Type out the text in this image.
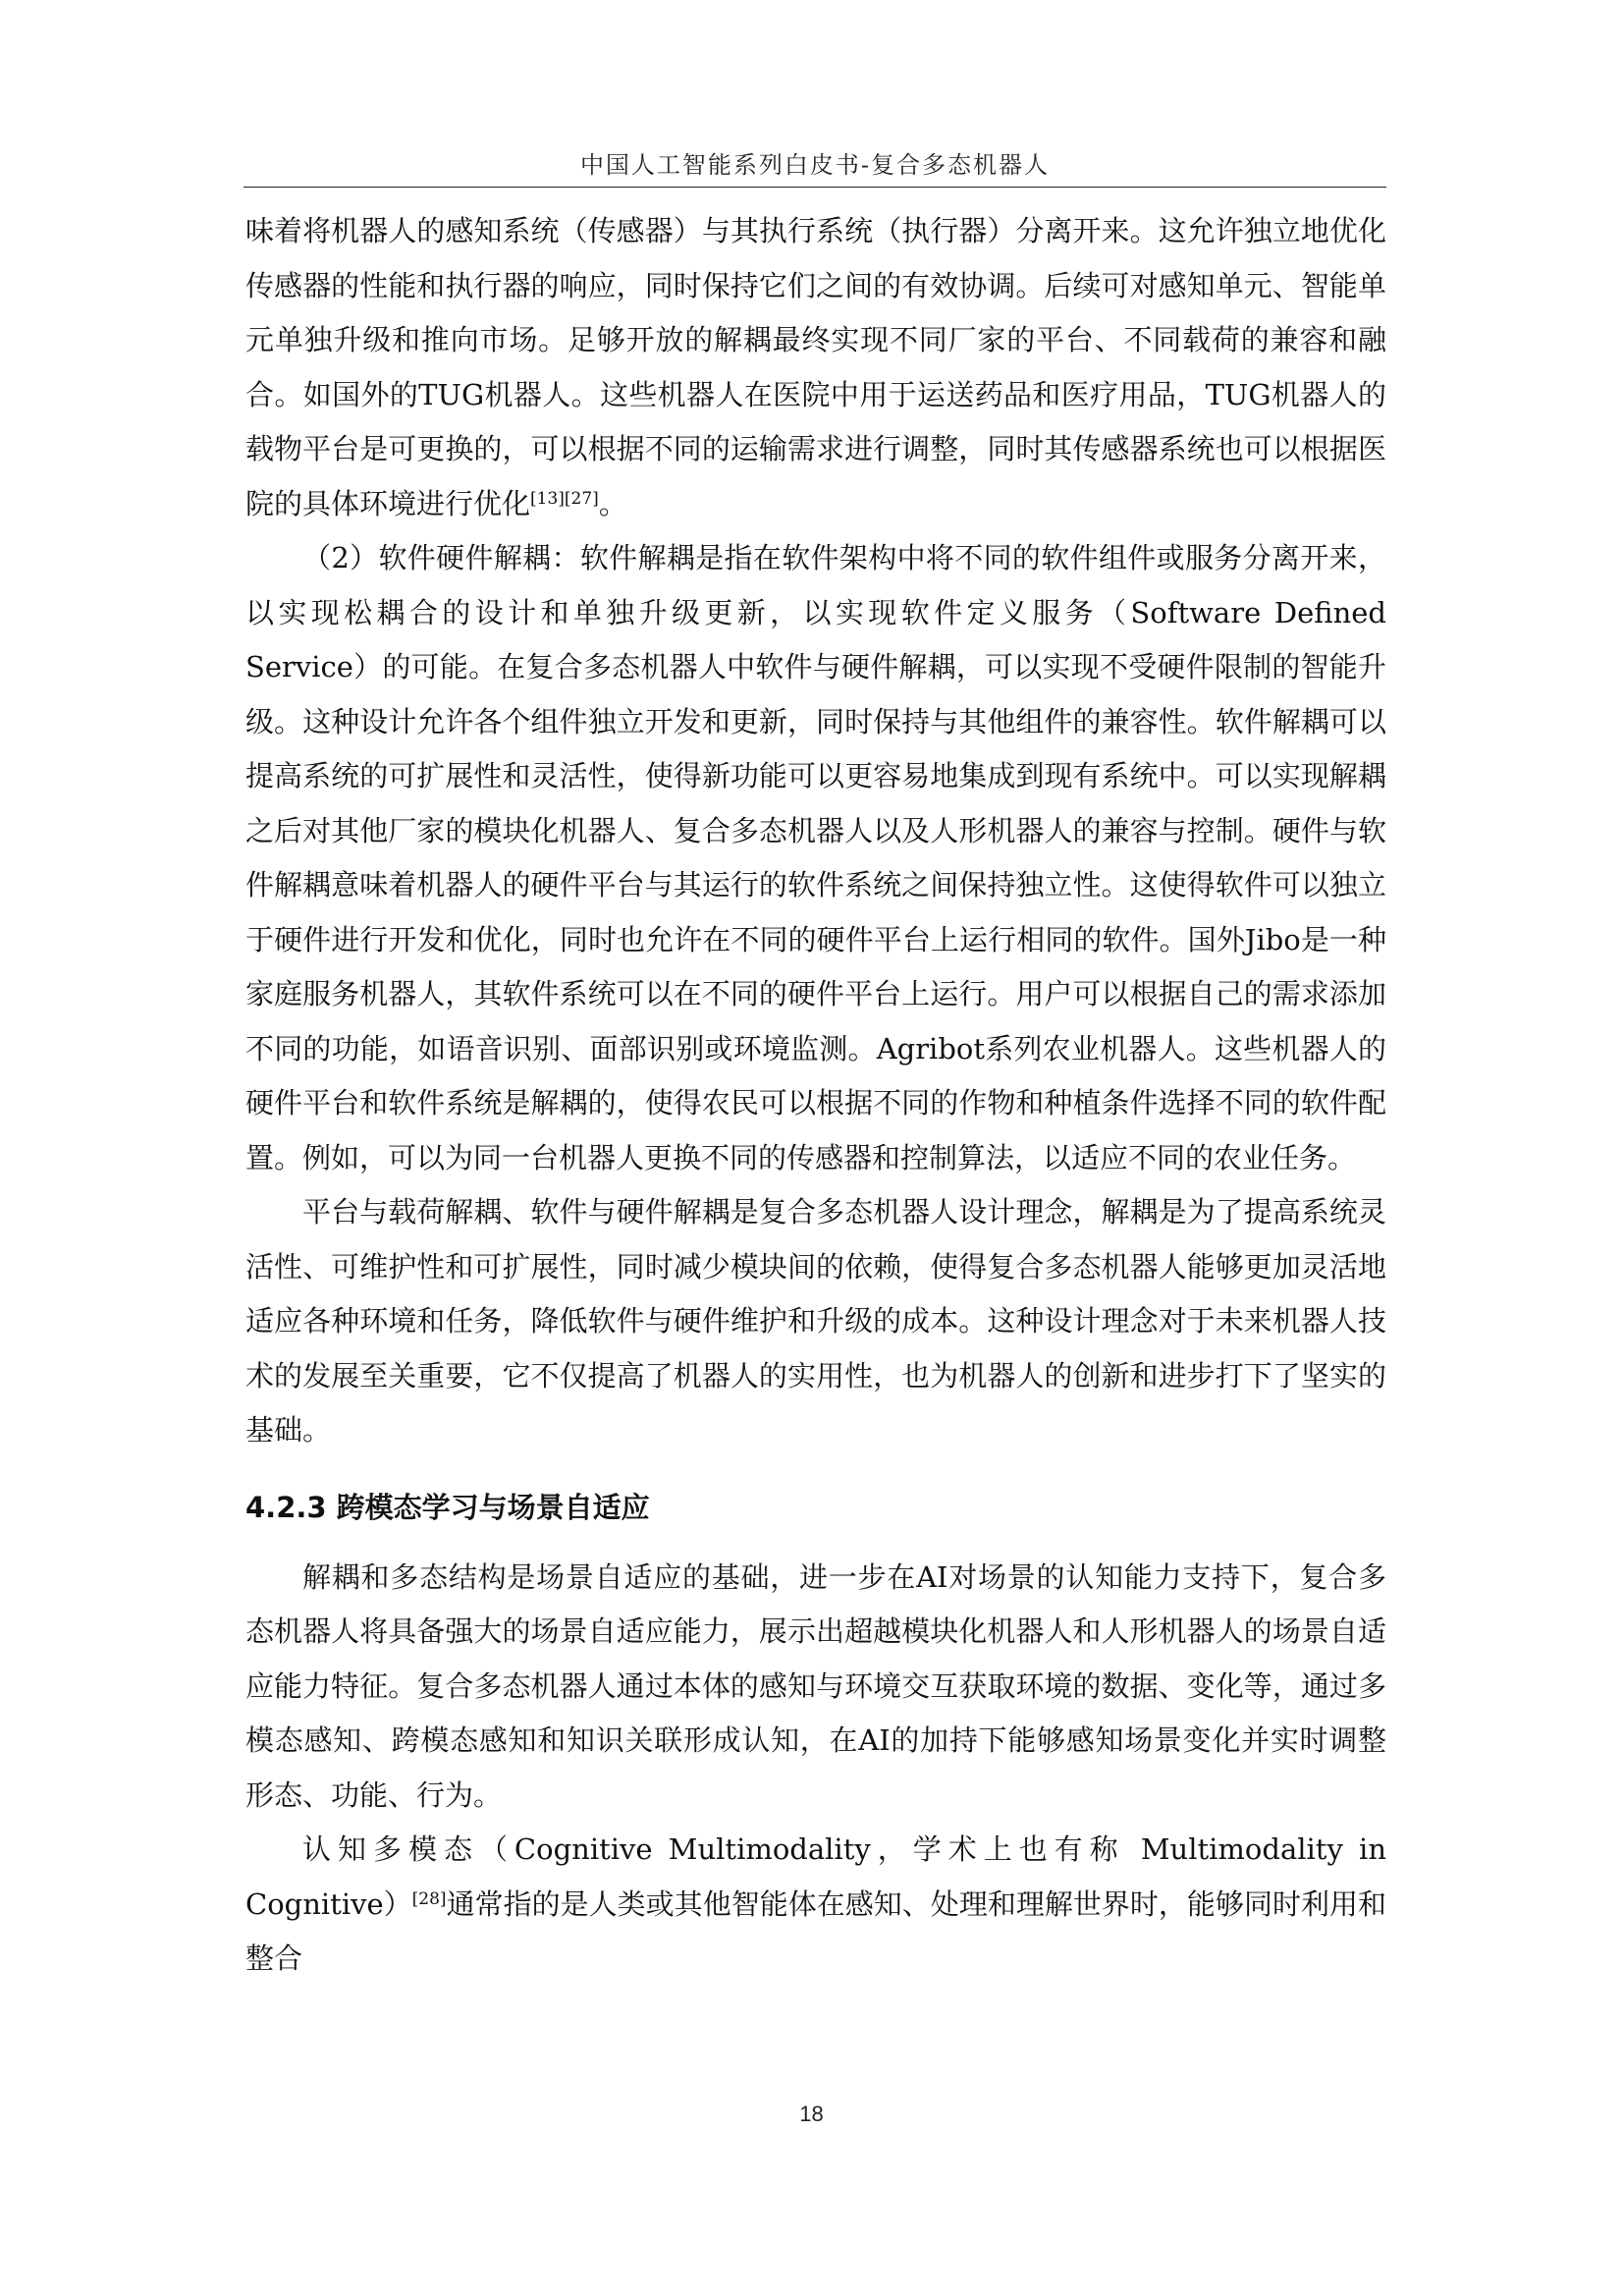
中国人工智能系列白皮书-复合多态机器人

味着将机器人的感知系统（传感器）与其执行系统（执行器）分离开来。这允许独立地优化传感器的性能和执行器的响应，同时保持它们之间的有效协调。后续可对感知单元、智能单元单独升级和推向市场。足够开放的解耦最终实现不同厂家的平台、不同载荷的兼容和融合。如国外的TUG机器人。这些机器人在医院中用于运送药品和医疗用品，TUG机器人的载物平台是可更换的，可以根据不同的运输需求进行调整，同时其传感器系统也可以根据医院的具体环境进行优化[13][27]。

（2）软件硬件解耦：软件解耦是指在软件架构中将不同的软件组件或服务分离开来，以实现松耦合的设计和单独升级更新，以实现软件定义服务（Software Defined Service）的可能。在复合多态机器人中软件与硬件解耦，可以实现不受硬件限制的智能升级。这种设计允许各个组件独立开发和更新，同时保持与其他组件的兼容性。软件解耦可以提高系统的可扩展性和灵活性，使得新功能可以更容易地集成到现有系统中。可以实现解耦之后对其他厂家的模块化机器人、复合多态机器人以及人形机器人的兼容与控制。硬件与软件解耦意味着机器人的硬件平台与其运行的软件系统之间保持独立性。这使得软件可以独立于硬件进行开发和优化，同时也允许在不同的硬件平台上运行相同的软件。国外Jibo是一种家庭服务机器人，其软件系统可以在不同的硬件平台上运行。用户可以根据自己的需求添加不同的功能，如语音识别、面部识别或环境监测。Agribot系列农业机器人。这些机器人的硬件平台和软件系统是解耦的，使得农民可以根据不同的作物和种植条件选择不同的软件配置。例如，可以为同一台机器人更换不同的传感器和控制算法，以适应不同的农业任务。

平台与载荷解耦、软件与硬件解耦是复合多态机器人设计理念，解耦是为了提高系统灵活性、可维护性和可扩展性，同时减少模块间的依赖，使得复合多态机器人能够更加灵活地适应各种环境和任务，降低软件与硬件维护和升级的成本。这种设计理念对于未来机器人技术的发展至关重要，它不仅提高了机器人的实用性，也为机器人的创新和进步打下了坚实的基础。

4.2.3 跨模态学习与场景自适应

解耦和多态结构是场景自适应的基础，进一步在AI对场景的认知能力支持下，复合多态机器人将具备强大的场景自适应能力，展示出超越模块化机器人和人形机器人的场景自适应能力特征。复合多态机器人通过本体的感知与环境交互获取环境的数据、变化等，通过多模态感知、跨模态感知和知识关联形成认知，在AI的加持下能够感知场景变化并实时调整形态、功能、行为。

认知多模态（Cognitive Multimodality，学术上也有称 Multimodality in Cognitive）[28]通常指的是人类或其他智能体在感知、处理和理解世界时，能够同时利用和整合

18
